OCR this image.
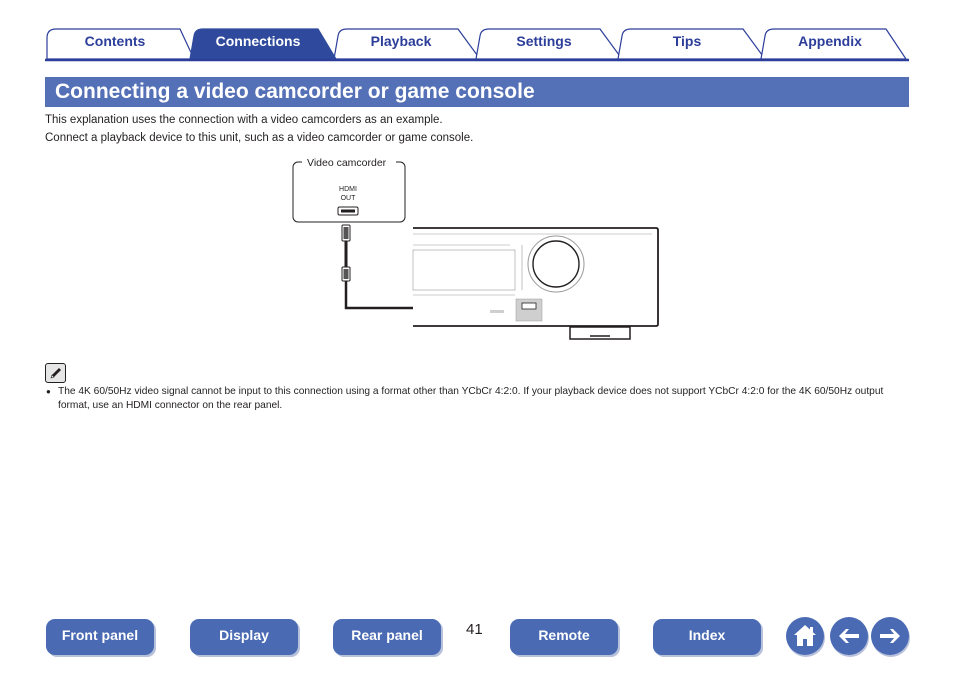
Contents	Connections	Playback	Settings	Tips	Appendix
Connecting a video camcorder or game console
This explanation uses the connection with a video camcorders as an example.
Connect a playback device to this unit, such as a video camcorder or game console.
Video camcorder
HDMI
OUT
● The 4K 60/50Hz video signal cannot be input to this connection using a format other than YCbCr 4:2:0. If your playback device does not support YCbCr 4:2:0 for the 4K 60/50Hz output format, use an HDMI connector on the rear panel.
Front panel	Display	Rear panel	41	Remote	Index
